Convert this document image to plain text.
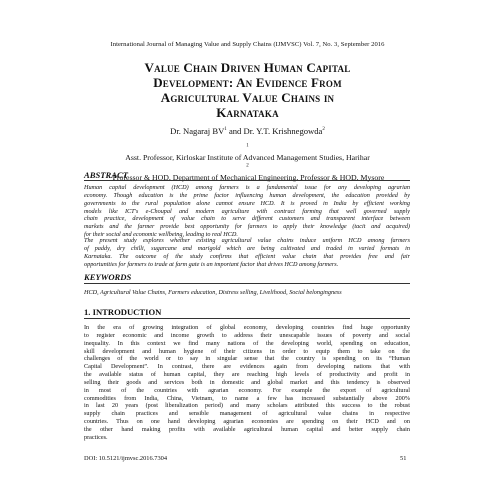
International Journal of Managing Value and Supply Chains (IJMVSC) Vol. 7, No. 3, September 2016
Value Chain Driven Human Capital
Development: An Evidence From
Agricultural Value Chains in
Karnataka
Dr. Nagaraj $BV^1$ and Dr. Y.T. Krishnegowda$^2$
$^1$
Asst. Professor, Kirloskar Institute of Advanced Management Studies, Harihar
$^2$
Professor & HOD, Department of Mechanical Engineering, Professor & HOD, Mysore
ABSTRACT
Human capital development (HCD) among farmers is a fundamental issue for any developing agrarian
economy. Though education is the prime factor influencing human development, the education provided by
governments to the rural population alone cannot ensure HCD. It is proved in India by efficient working
models like ICT's e-Choupal and modern agriculture with contract farming that well governed supply
chain practice, development of value chain to serve different customers and transparent interface between
markets and the farmer provide best opportunity for farmers to apply their knowledge (tacit and acquired)
for their social and economic wellbeing, leading to real HCD.
The present study explores whether existing agricultural value chains induce uniform HCD among farmers
of paddy, dry chilli, sugarcane and marigold which are being cultivated and traded in varied formats in
Karnataka. The outcome of the study confirms that efficient value chain that provides free and fair
opportunities for farmers to trade at farm gate is an important factor that drives HCD among farmers.
KEYWORDS
HCD, Agricultural Value Chains, Farmers education, Distress selling, Livelihood, Social belongingness
1. INTRODUCTION
In the era of growing integration of global economy, developing countries find huge opportunity
to register economic and income growth to address their unescapable issues of poverty and social
inequality. In this context we find many nations of the developing world, spending on education,
skill development and human hygiene of their citizens in order to equip them to take on the
challenges of the world or to say in singular sense that the country is spending on its “Human
Capital Development”. In contrast, there are evidences again from developing nations that with
the available status of human capital, they are reaching high levels of productivity and profit in
selling their goods and services both in domestic and global market and this tendency is observed
in most of the countries with agrarian economy. For example the export of agricultural
commodities from India, China, Vietnam, to name a few has increased substantially above 200%
in last 20 years (post liberalization period) and many scholars attributed this success to the robust
supply chain practices and sensible management of agricultural value chains in respective
countries. Thus on one hand developing agrarian economies are spending on their HCD and on
the other hand making profits with available agricultural human capital and better supply chain
practices.
DOI: 10.5121/ijmvsc.2016.7304	51
